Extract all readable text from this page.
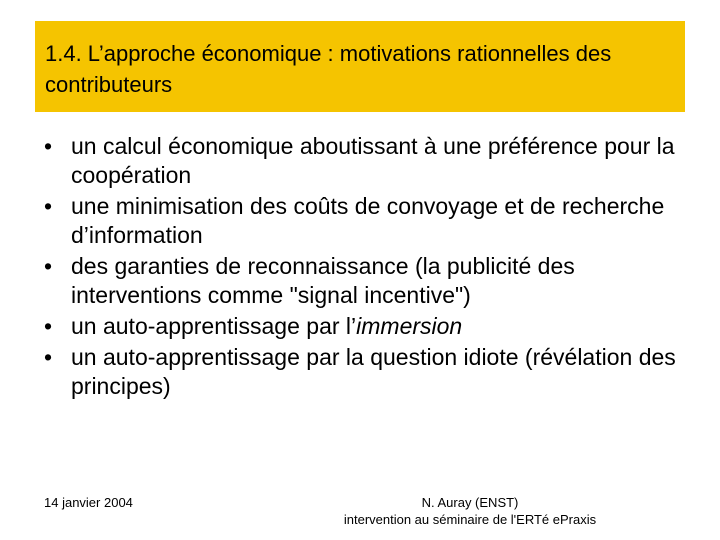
1.4. L’approche économique : motivations rationnelles des contributeurs
• un calcul économique aboutissant à une préférence pour la coopération
• une minimisation des coûts de convoyage et de recherche d’information
• des garanties de reconnaissance (la publicité des interventions comme "signal incentive")
• un auto-apprentissage par l’immersion
• un auto-apprentissage par la question idiote (révélation des principes)
14 janvier 2004	N. Auray (ENST)
intervention au séminaire de l'ERTé ePraxis
